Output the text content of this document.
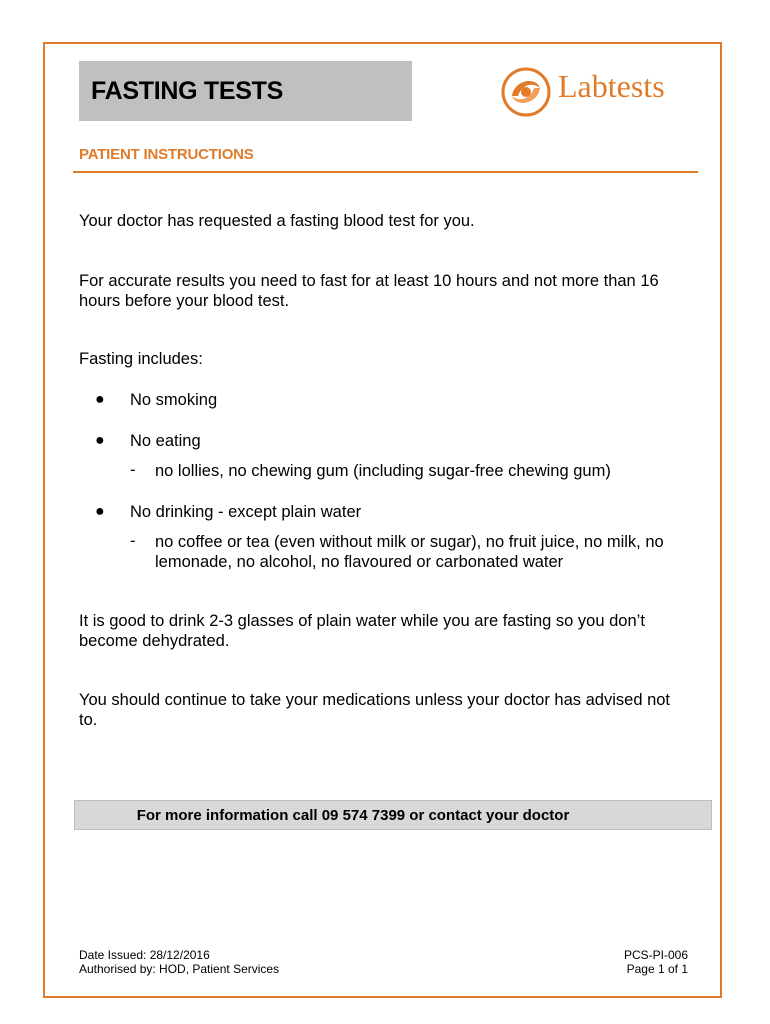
FASTING TESTS	Labtests
PATIENT INSTRUCTIONS
Your doctor has requested a fasting blood test for you.
For accurate results you need to fast for at least 10 hours and not more than 16 hours before your blood test.
Fasting includes:
● No smoking
● No eating
- no lollies, no chewing gum (including sugar-free chewing gum)
● No drinking - except plain water
- no coffee or tea (even without milk or sugar), no fruit juice, no milk, no lemonade, no alcohol, no flavoured or carbonated water
It is good to drink 2-3 glasses of plain water while you are fasting so you don’t become dehydrated.
You should continue to take your medications unless your doctor has advised not to.
For more information call 09 574 7399 or contact your doctor
Date Issued: 28/12/2016
Authorised by: HOD, Patient Services
PCS-PI-006
Page 1 of 1
